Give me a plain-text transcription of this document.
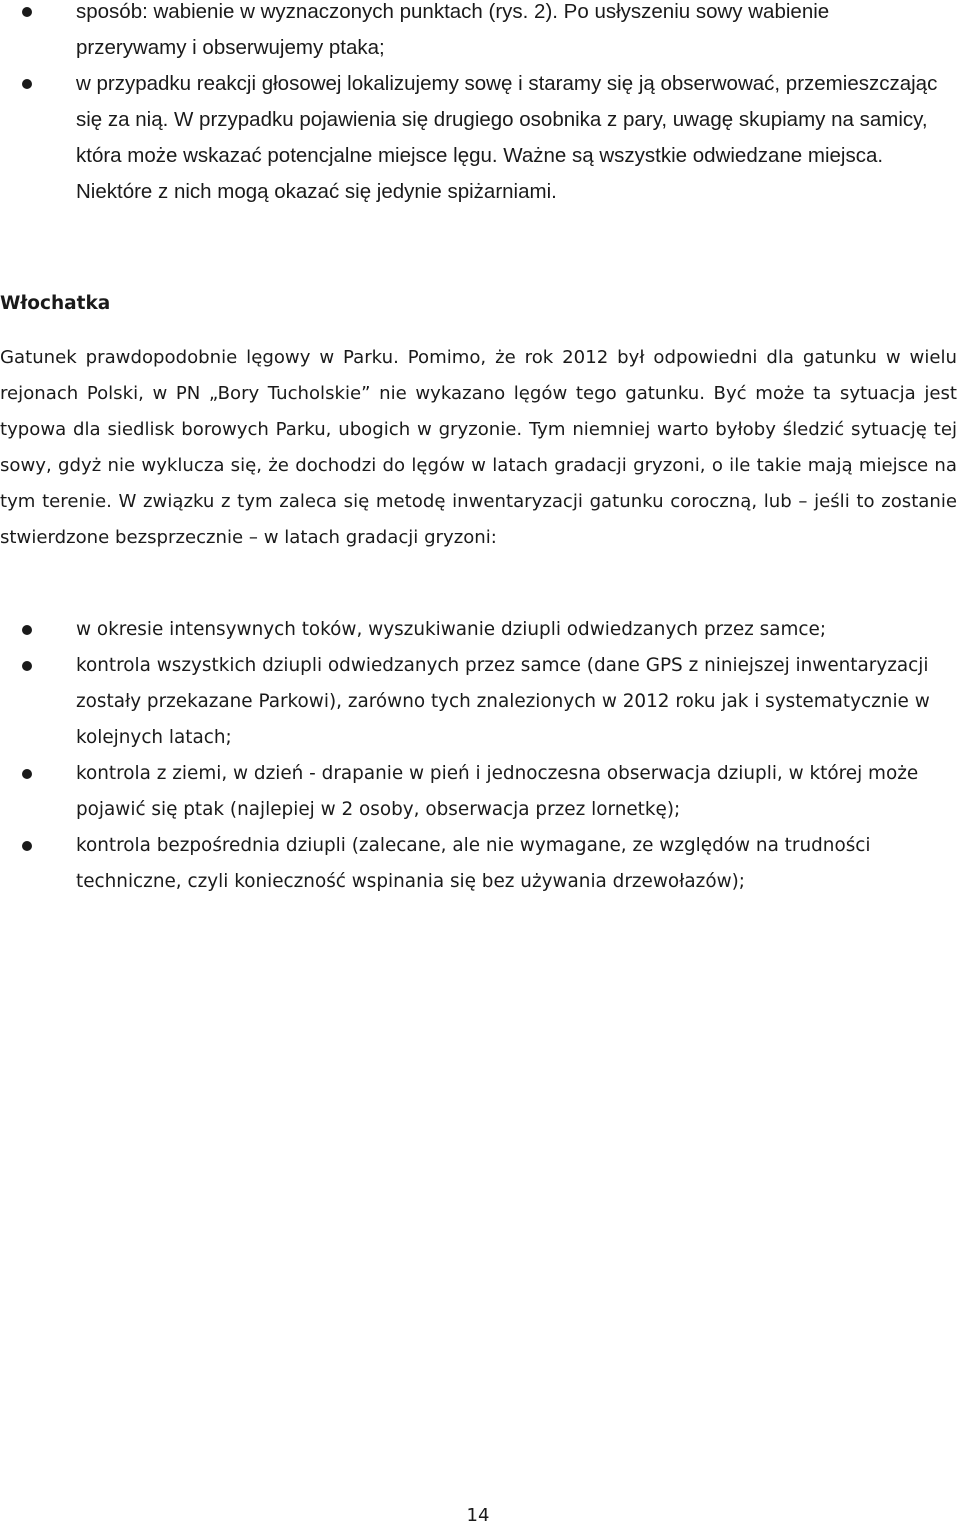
sposób: wabienie w wyznaczonych punktach (rys. 2). Po usłyszeniu sowy wabienie przerywamy i obserwujemy ptaka;
w przypadku reakcji głosowej lokalizujemy sowę i staramy się ją obserwować, przemieszczając się za nią. W przypadku pojawienia się drugiego osobnika z pary, uwagę skupiamy na samicy, która może wskazać potencjalne miejsce lęgu. Ważne są wszystkie odwiedzane miejsca. Niektóre z nich mogą okazać się jedynie spiżarniami.
Włochatka

Gatunek prawdopodobnie lęgowy w Parku. Pomimo, że rok 2012 był odpowiedni dla gatunku w wielu rejonach Polski, w PN „Bory Tucholskie” nie wykazano lęgów tego gatunku. Być może ta sytuacja jest typowa dla siedlisk borowych Parku, ubogich w gryzonie. Tym niemniej warto byłoby śledzić sytuację tej sowy, gdyż nie wyklucza się, że dochodzi do lęgów w latach gradacji gryzoni, o ile takie mają miejsce na tym terenie. W związku z tym zaleca się metodę inwentaryzacji gatunku coroczną, lub – jeśli to zostanie stwierdzone bezsprzecznie – w latach gradacji gryzoni:

w okresie intensywnych toków, wyszukiwanie dziupli odwiedzanych przez samce;
kontrola wszystkich dziupli odwiedzanych przez samce (dane GPS z niniejszej inwentaryzacji zostały przekazane Parkowi), zarówno tych znalezionych w 2012 roku jak i systematycznie w kolejnych latach;
kontrola z ziemi, w dzień - drapanie w pień i jednoczesna obserwacja dziupli, w której może pojawić się ptak (najlepiej w 2 osoby, obserwacja przez lornetkę);
kontrola bezpośrednia dziupli (zalecane, ale nie wymagane, ze względów na trudności techniczne, czyli konieczność wspinania się bez używania drzewołazów);
14
